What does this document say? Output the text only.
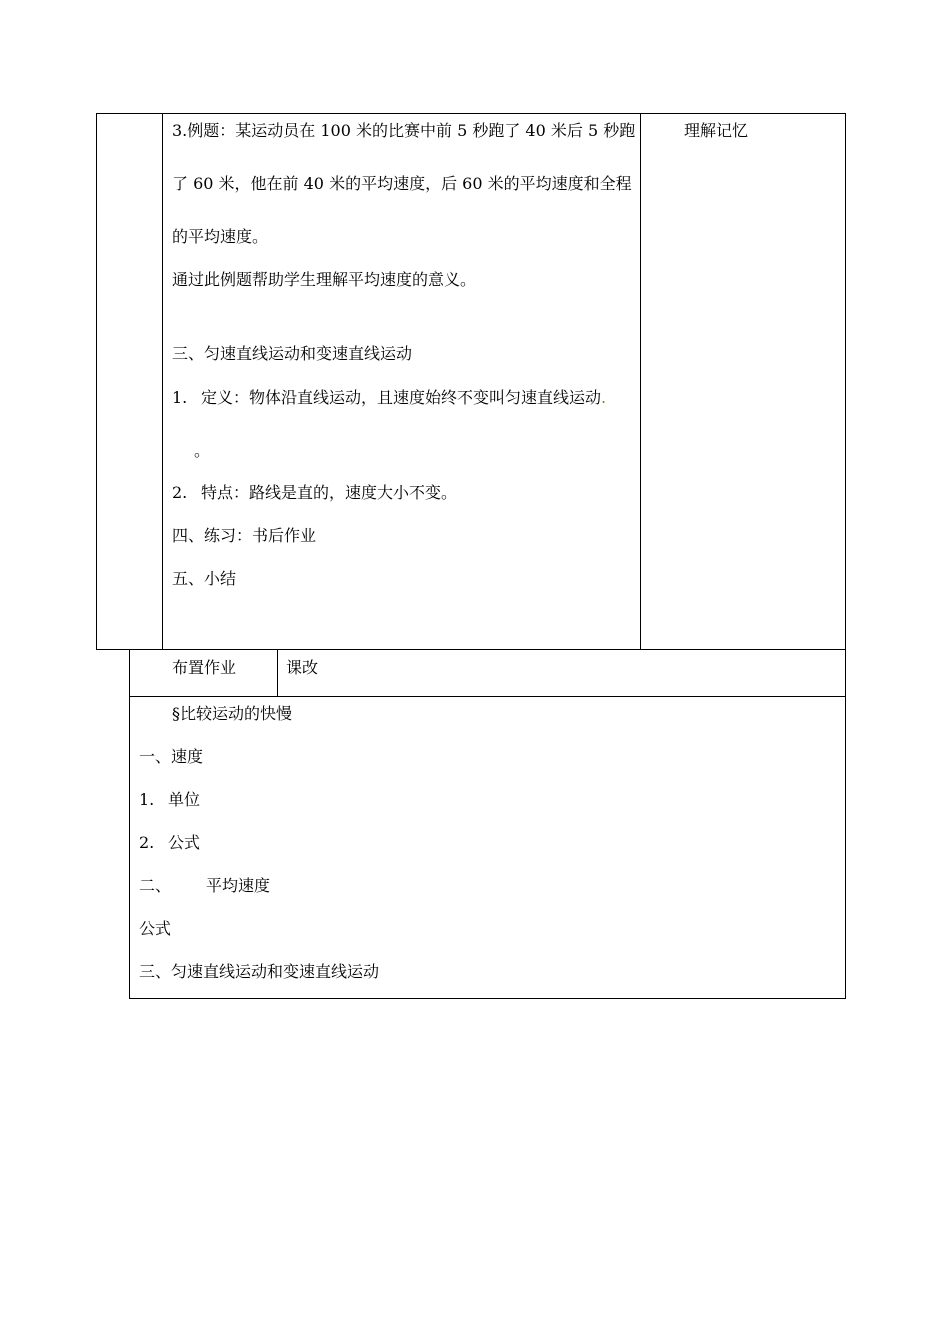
3.例题：某运动员在 100 米的比赛中前 5 秒跑了 40 米后 5 秒跑
了 60 米，他在前 40 米的平均速度，后 60 米的平均速度和全程
的平均速度。
通过此例题帮助学生理解平均速度的意义。
三、匀速直线运动和变速直线运动
1. 定义：物体沿直线运动，且速度始终不变叫匀速直线运动.
。
2. 特点：路线是直的，速度大小不变。
四、练习：书后作业
五、小结
理解记忆
布置作业	课改
§比较运动的快慢
一、速度
1. 单位
2. 公式
二、 平均速度
公式
三、匀速直线运动和变速直线运动
